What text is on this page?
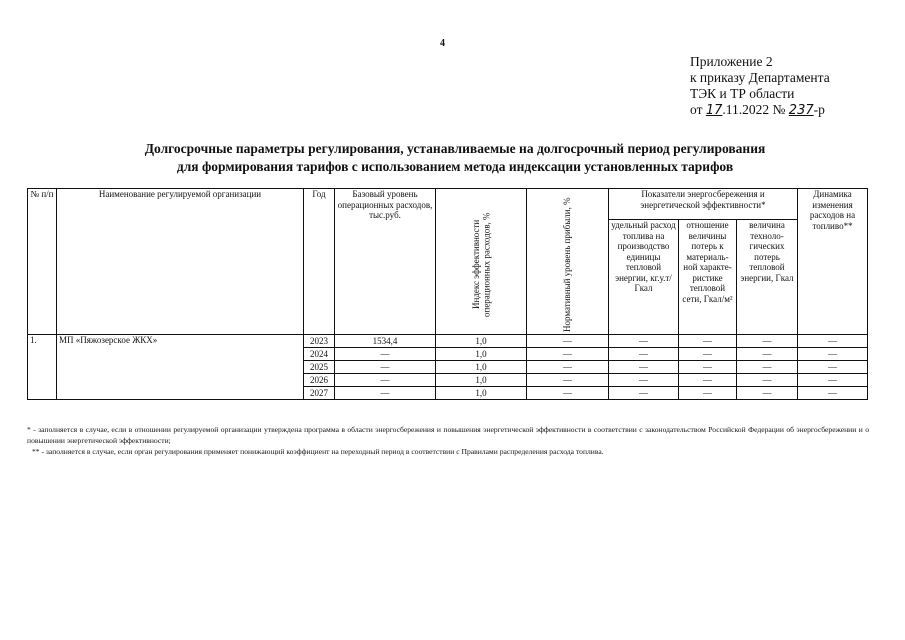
4
Приложение 2
к приказу Департамента
ТЭК и ТР области
от 17.11.2022 № 237-р
Долгосрочные параметры регулирования, устанавливаемые на долгосрочный период регулирования
для формирования тарифов с использованием метода индексации установленных тарифов
№ п/п	Наименование регулируемой организации	Год	Базовый уровень операционных расходов, тыс.руб.	Индекс эффективности операционных расходов, %	Нормативный уровень прибыли, %	Показатели энергосбережения и энергетической эффективности*			Динамика изменения расходов на топливо**
						удельный расход топлива на производство единицы тепловой энергии, кг.у.т/Гкал	отношение величины потерь к материаль-ной характе-ристике тепловой сети, Гкал/м²	величина техноло-гических потерь тепловой энергии, Гкал	
1.	МП «Пяжозерское ЖКХ»	2023	1534,4	1,0	—	—	—	—	—
		2024	—	1,0	—	—	—	—	—
		2025	—	1,0	—	—	—	—	—
		2026	—	1,0	—	—	—	—	—
		2027	—	1,0	—	—	—	—	—

* - заполняется в случае, если в отношении регулируемой организации утверждена программа в области энергосбережения и повышения энергетической эффективности в соответствии с законодательством Российской Федерации об энергосбережении и о повышении энергетической эффективности;

** - заполняется в случае, если орган регулирования применяет понижающий коэффициент на переходный период в соответствии с Правилами распределения расхода топлива.
